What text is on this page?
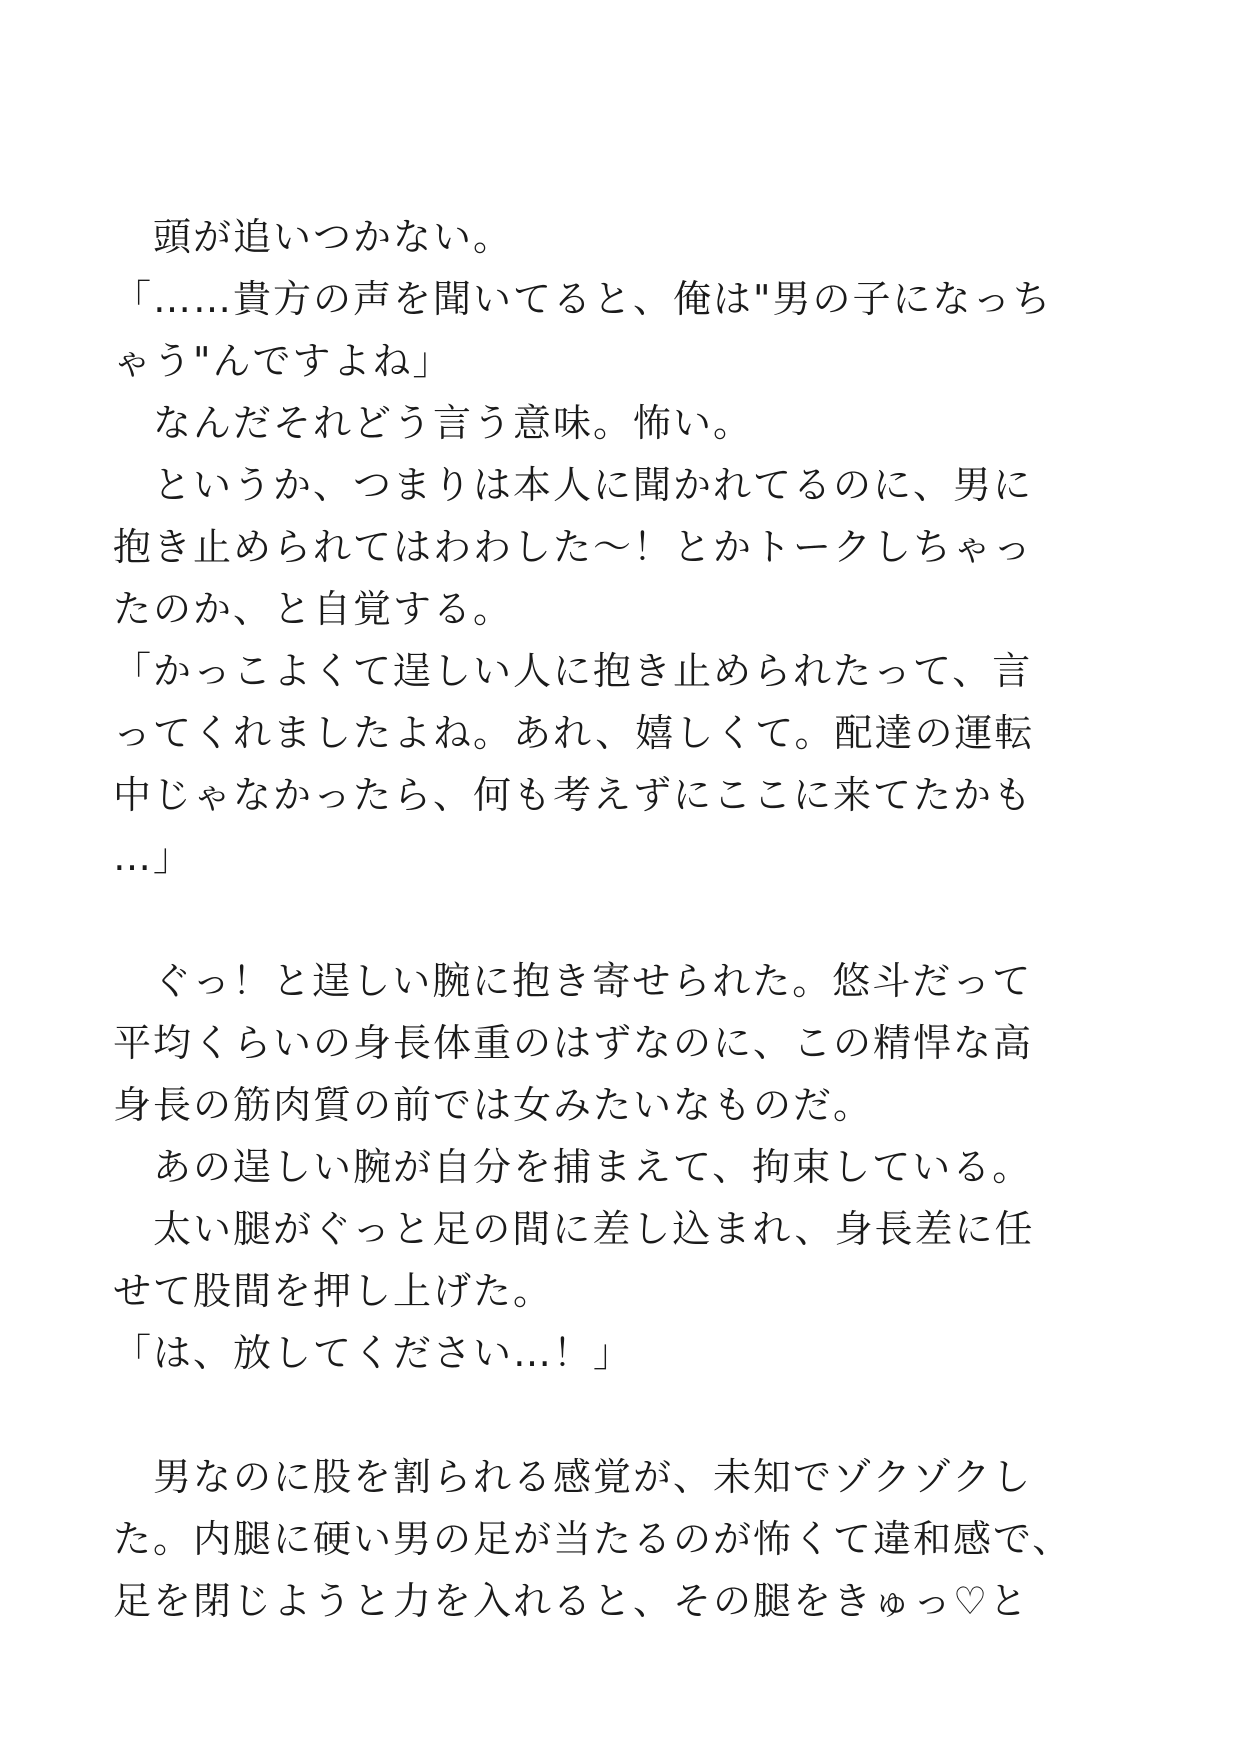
　頭が追いつかない。
「……貴方の声を聞いてると、俺は"男の子になっち
ゃう"んですよね」
　なんだそれどう言う意味。怖い。
　というか、つまりは本人に聞かれてるのに、男に
抱き止められてはわわした～！とかトークしちゃっ
たのか、と自覚する。
「かっこよくて逞しい人に抱き止められたって、言
ってくれましたよね。あれ、嬉しくて。配達の運転
中じゃなかったら、何も考えずにここに来てたかも
…」
　ぐっ！と逞しい腕に抱き寄せられた。悠斗だって
平均くらいの身長体重のはずなのに、この精悍な高
身長の筋肉質の前では女みたいなものだ。
　あの逞しい腕が自分を捕まえて、拘束している。
　太い腿がぐっと足の間に差し込まれ、身長差に任
せて股間を押し上げた。
「は、放してください…！」
　男なのに股を割られる感覚が、未知でゾクゾクし
た。内腿に硬い男の足が当たるのが怖くて違和感で、
足を閉じようと力を入れると、その腿をきゅっ♡と
